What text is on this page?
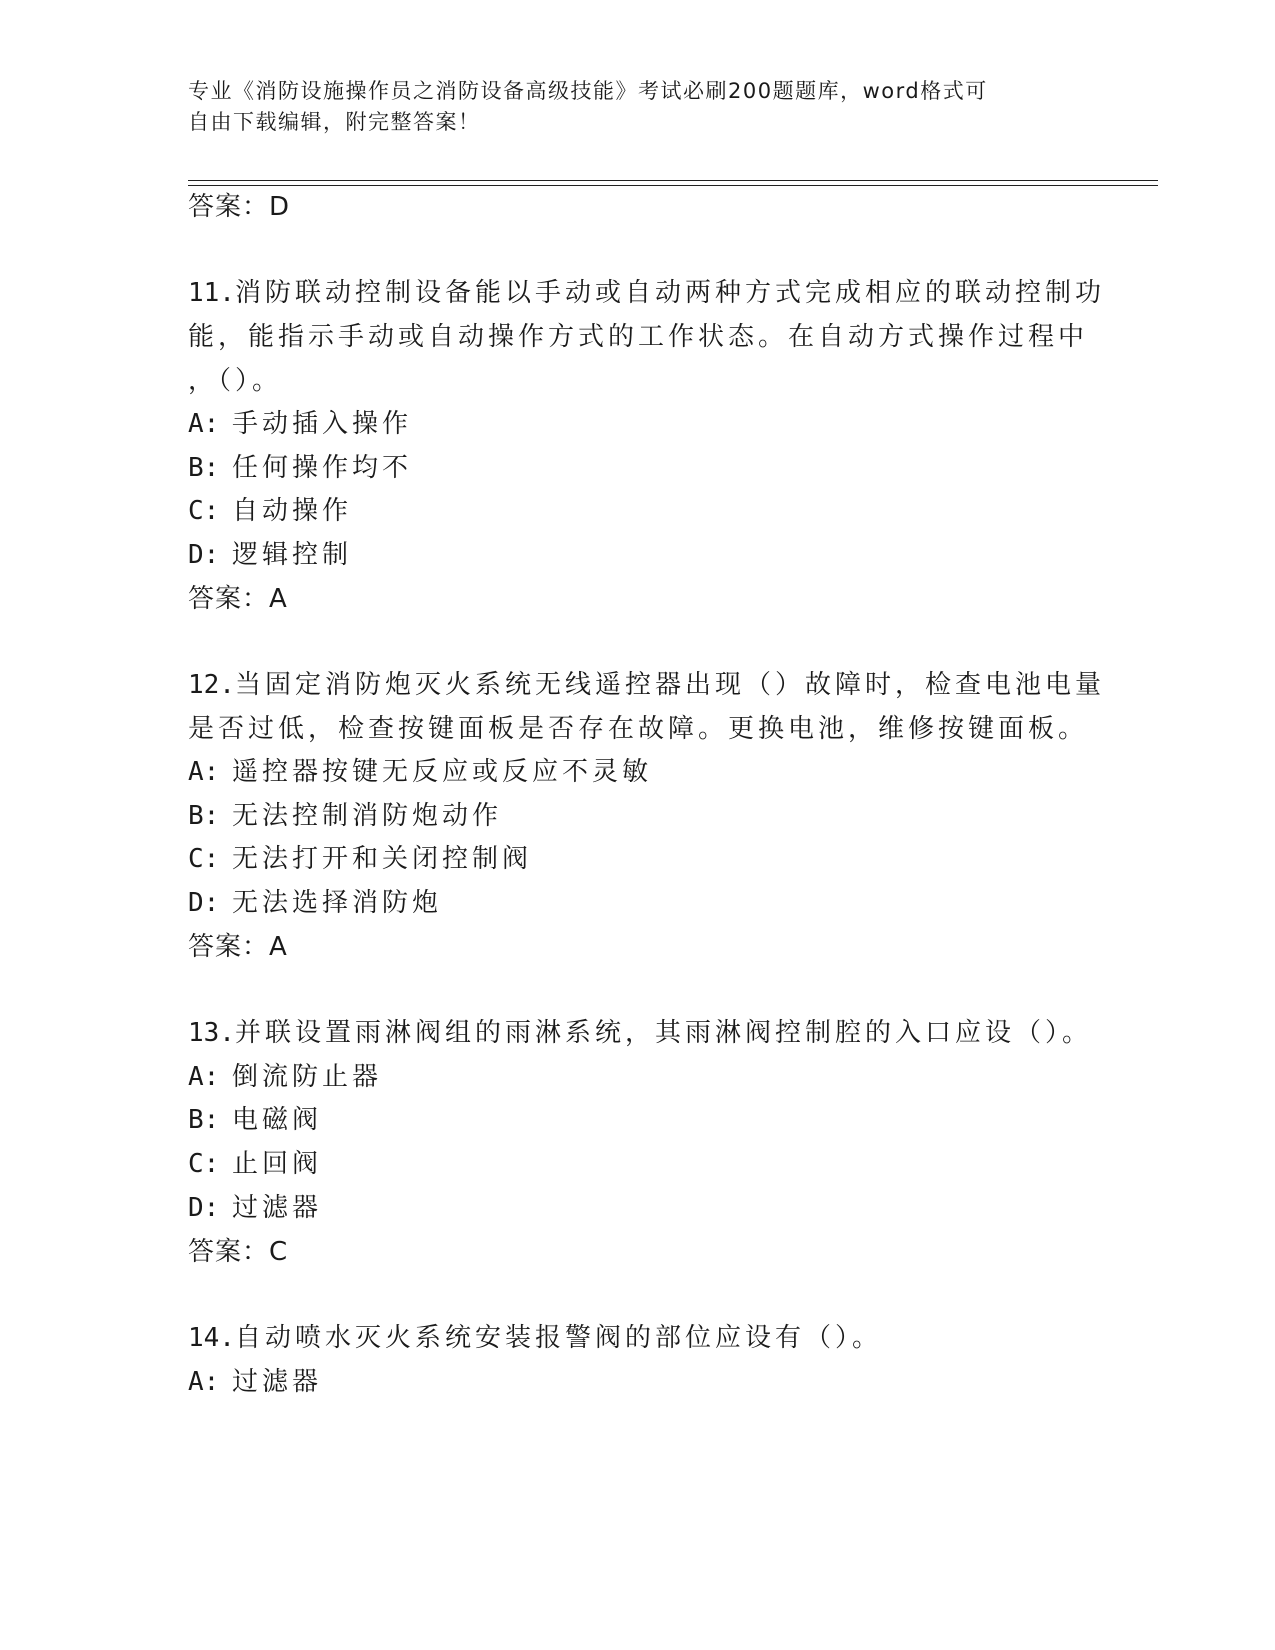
专业《消防设施操作员之消防设备高级技能》考试必刷200题题库，word格式可
自由下载编辑，附完整答案！
答案：D
11.消防联动控制设备能以手动或自动两种方式完成相应的联动控制功
能，能指示手动或自动操作方式的工作状态。在自动方式操作过程中
，（）。
A: 手动插入操作
B: 任何操作均不
C: 自动操作
D: 逻辑控制
答案：A
12.当固定消防炮灭火系统无线遥控器出现（）故障时，检查电池电量
是否过低，检查按键面板是否存在故障。更换电池，维修按键面板。
A: 遥控器按键无反应或反应不灵敏
B: 无法控制消防炮动作
C: 无法打开和关闭控制阀
D: 无法选择消防炮
答案：A
13.并联设置雨淋阀组的雨淋系统，其雨淋阀控制腔的入口应设（）。
A: 倒流防止器
B: 电磁阀
C: 止回阀
D: 过滤器
答案：C
14.自动喷水灭火系统安装报警阀的部位应设有（）。
A: 过滤器
